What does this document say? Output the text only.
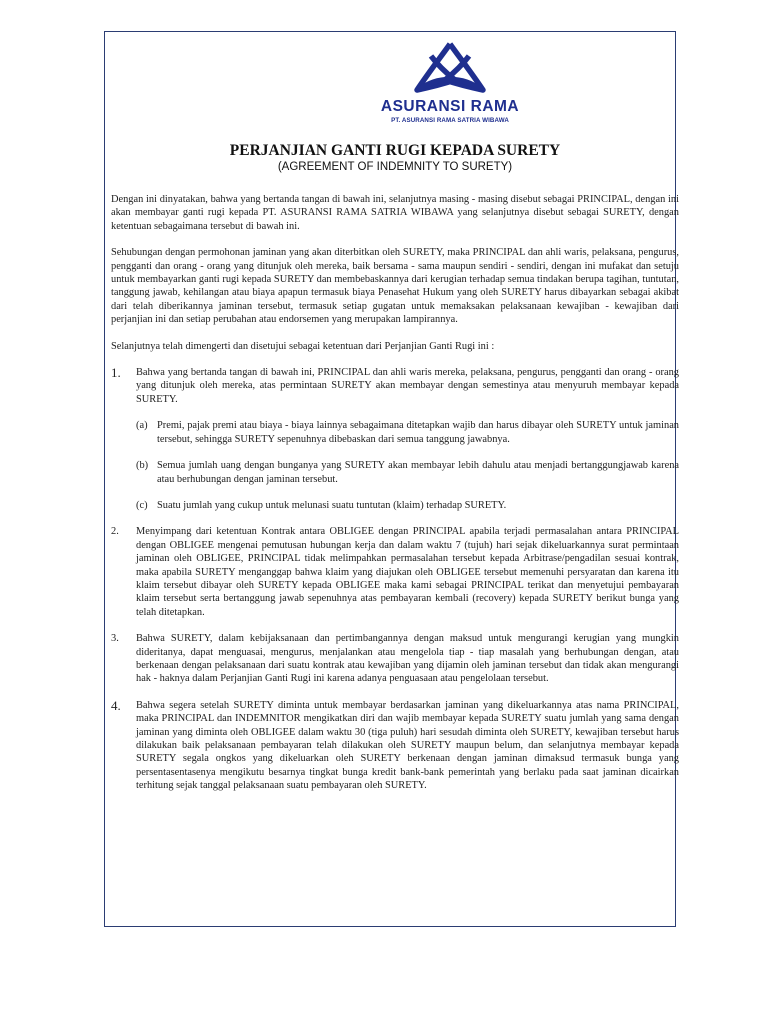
ASURANSI RAMA
PT. ASURANSI RAMA SATRIA WIBAWA
PERJANJIAN GANTI RUGI KEPADA SURETY
(AGREEMENT OF INDEMNITY TO SURETY)

Dengan ini dinyatakan, bahwa yang bertanda tangan di bawah ini, selanjutnya masing - masing disebut sebagai PRINCIPAL, dengan ini akan membayar ganti rugi kepada PT. ASURANSI RAMA SATRIA WIBAWA yang selanjutnya disebut sebagai SURETY, dengan ketentuan sebagaimana tersebut di bawah ini.

Sehubungan dengan permohonan jaminan yang akan diterbitkan oleh SURETY, maka PRINCIPAL dan ahli waris, pelaksana, pengurus, pengganti dan orang - orang yang ditunjuk oleh mereka, baik bersama - sama maupun sendiri - sendiri, dengan ini mufakat dan setuju untuk membayarkan ganti rugi kepada SURETY dan membebaskannya dari kerugian terhadap semua tindakan berupa tagihan, tuntutan, tanggung jawab, kehilangan atau biaya apapun termasuk biaya Penasehat Hukum yang oleh SURETY harus dibayarkan sebagai akibat dari telah diberikannya jaminan tersebut, termasuk setiap gugatan untuk memaksakan pelaksanaan kewajiban - kewajiban dari perjanjian ini dan setiap perubahan atau endorsemen yang merupakan lampirannya.

Selanjutnya telah dimengerti dan disetujui sebagai ketentuan dari Perjanjian Ganti Rugi ini :

1. Bahwa yang bertanda tangan di bawah ini, PRINCIPAL dan ahli waris mereka, pelaksana, pengurus, pengganti dan orang - orang yang ditunjuk oleh mereka, atas permintaan SURETY akan membayar dengan semestinya atau menyuruh membayar kepada SURETY.
(a) Premi, pajak premi atau biaya - biaya lainnya sebagaimana ditetapkan wajib dan harus dibayar oleh SURETY untuk jaminan tersebut, sehingga SURETY sepenuhnya dibebaskan dari semua tanggung jawabnya.
(b) Semua jumlah uang dengan bunganya yang SURETY akan membayar lebih dahulu atau menjadi bertanggungjawab karena atau berhubungan dengan jaminan tersebut.
(c) Suatu jumlah yang cukup untuk melunasi suatu tuntutan (klaim) terhadap SURETY.
2. Menyimpang dari ketentuan Kontrak antara OBLIGEE dengan PRINCIPAL apabila terjadi permasalahan antara PRINCIPAL dengan OBLIGEE mengenai pemutusan hubungan kerja dan dalam waktu 7 (tujuh) hari sejak dikeluarkannya surat permintaan jaminan oleh OBLIGEE, PRINCIPAL tidak melimpahkan permasalahan tersebut kepada Arbitrase/pengadilan sesuai kontrak, maka apabila SURETY menganggap bahwa klaim yang diajukan oleh OBLIGEE tersebut memenuhi persyaratan dan karena itu klaim tersebut dibayar oleh SURETY kepada OBLIGEE maka kami sebagai PRINCIPAL terikat dan menyetujui pembayaran klaim tersebut serta bertanggung jawab sepenuhnya atas pembayaran kembali (recovery) kepada SURETY berikut bunga yang telah ditetapkan.
3. Bahwa SURETY, dalam kebijaksanaan dan pertimbangannya dengan maksud untuk mengurangi kerugian yang mungkin dideritanya, dapat menguasai, mengurus, menjalankan atau mengelola tiap - tiap masalah yang berhubungan dengan, atau berkenaan dengan pelaksanaan dari suatu kontrak atau kewajiban yang dijamin oleh jaminan tersebut dan tidak akan mengurangi hak - haknya dalam Perjanjian Ganti Rugi ini karena adanya penguasaan atau pengelolaan tersebut.
4. Bahwa segera setelah SURETY diminta untuk membayar berdasarkan jaminan yang dikeluarkannya atas nama PRINCIPAL, maka PRINCIPAL dan INDEMNITOR mengikatkan diri dan wajib membayar kepada SURETY suatu jumlah yang sama dengan jaminan yang diminta oleh OBLIGEE dalam waktu 30 (tiga puluh) hari sesudah diminta oleh SURETY, kewajiban tersebut harus dilakukan baik pelaksanaan pembayaran telah dilakukan oleh SURETY maupun belum, dan selanjutnya membayar kepada SURETY segala ongkos yang dikeluarkan oleh SURETY berkenaan dengan jaminan dimaksud termasuk bunga yang persentasentasenya mengikutu besarnya tingkat bunga kredit bank-bank pemerintah yang berlaku pada saat jaminan dicairkan terhitung sejak tanggal pelaksanaan suatu pembayaran oleh SURETY.
